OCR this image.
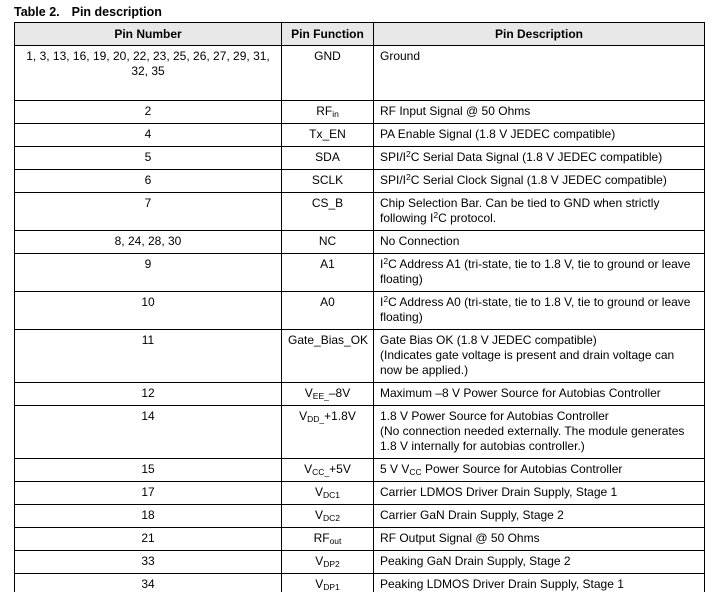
Table 2. Pin description
Pin Number	Pin Function	Pin Description
1, 3, 13, 16, 19, 20, 22, 23, 25, 26, 27, 29, 31, 32, 35	GND	Ground
2	$RF_{in}$	RF Input Signal @ 50 Ohms
4	Tx_EN	PA Enable Signal (1.8 V JEDEC compatible)
5	SDA	SPI/$I^2C$ Serial Data Signal (1.8 V JEDEC compatible)
6	SCLK	SPI/$I^2C$ Serial Clock Signal (1.8 V JEDEC compatible)
7	CS_B	Chip Selection Bar. Can be tied to GND when strictly following $I^2C$ protocol.
8, 24, 28, 30	NC	No Connection
9	A1	$I^2C$ Address A1 (tri-state, tie to 1.8 V, tie to ground or leave floating)
10	A0	$I^2C$ Address A0 (tri-state, tie to 1.8 V, tie to ground or leave floating)
11	Gate_Bias_OK	Gate Bias OK (1.8 V JEDEC compatible)
(Indicates gate voltage is present and drain voltage can now be applied.)
12	$V_{EE\_}-8V$	Maximum –8 V Power Source for Autobias Controller
14	$V_{DD\_}+1.8V$	1.8 V Power Source for Autobias Controller
(No connection needed externally. The module generates 1.8 V internally for autobias controller.)
15	$V_{CC\_}+5V$	5 V $V_{CC}$ Power Source for Autobias Controller
17	$V_{DC1}$	Carrier LDMOS Driver Drain Supply, Stage 1
18	$V_{DC2}$	Carrier GaN Drain Supply, Stage 2
21	$RF_{out}$	RF Output Signal @ 50 Ohms
33	$V_{DP2}$	Peaking GaN Drain Supply, Stage 2
34	$V_{DP1}$	Peaking LDMOS Driver Drain Supply, Stage 1
